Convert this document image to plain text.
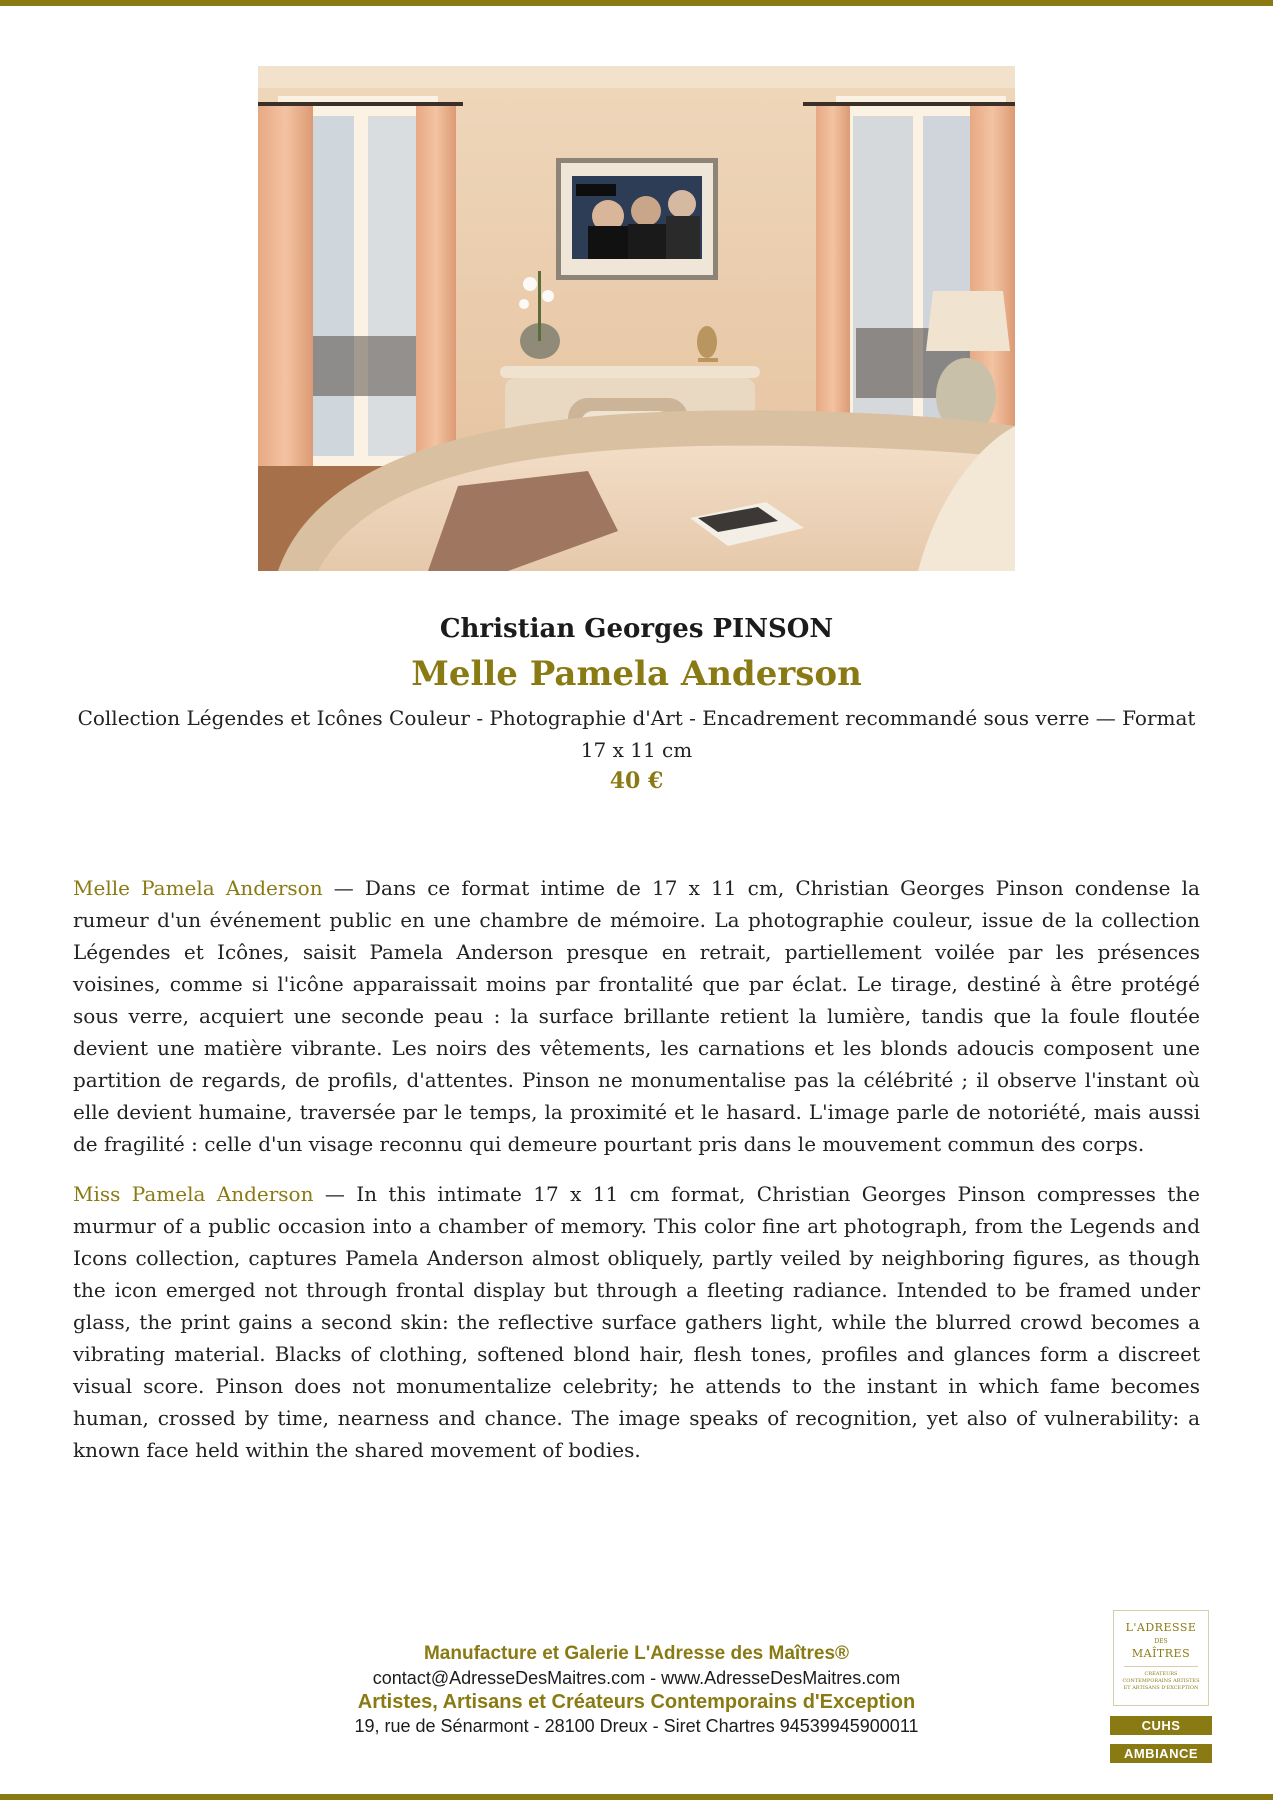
Christian Georges PINSON
Melle Pamela Anderson
Collection Légendes et Icônes Couleur - Photographie d'Art - Encadrement recommandé sous verre — Format 17 x 11 cm
40 €

Melle Pamela Anderson — Dans ce format intime de 17 x 11 cm, Christian Georges Pinson condense la rumeur d'un événement public en une chambre de mémoire. La photographie couleur, issue de la collection Légendes et Icônes, saisit Pamela Anderson presque en retrait, partiellement voilée par les présences voisines, comme si l'icône apparaissait moins par frontalité que par éclat. Le tirage, destiné à être protégé sous verre, acquiert une seconde peau : la surface brillante retient la lumière, tandis que la foule floutée devient une matière vibrante. Les noirs des vêtements, les carnations et les blonds adoucis composent une partition de regards, de profils, d'attentes. Pinson ne monumentalise pas la célébrité ; il observe l'instant où elle devient humaine, traversée par le temps, la proximité et le hasard. L'image parle de notoriété, mais aussi de fragilité : celle d'un visage reconnu qui demeure pourtant pris dans le mouvement commun des corps.

Miss Pamela Anderson — In this intimate 17 x 11 cm format, Christian Georges Pinson compresses the murmur of a public occasion into a chamber of memory. This color fine art photograph, from the Legends and Icons collection, captures Pamela Anderson almost obliquely, partly veiled by neighboring figures, as though the icon emerged not through frontal display but through a fleeting radiance. Intended to be framed under glass, the print gains a second skin: the reflective surface gathers light, while the blurred crowd becomes a vibrating material. Blacks of clothing, softened blond hair, flesh tones, profiles and glances form a discreet visual score. Pinson does not monumentalize celebrity; he attends to the instant in which fame becomes human, crossed by time, nearness and chance. The image speaks of recognition, yet also of vulnerability: a known face held within the shared movement of bodies.

Manufacture et Galerie L'Adresse des Maîtres®
contact@AdresseDesMaitres.com - www.AdresseDesMaitres.com
Artistes, Artisans et Créateurs Contemporains d'Exception
19, rue de Sénarmont - 28100 Dreux - Siret Chartres 94539945900011
L'ADRESSE
DES
MAÎTRES
CRÉATEURS CONTEMPORAINS ARTISTES ET ARTISANS D'EXCEPTION
CUHS
AMBIANCE
